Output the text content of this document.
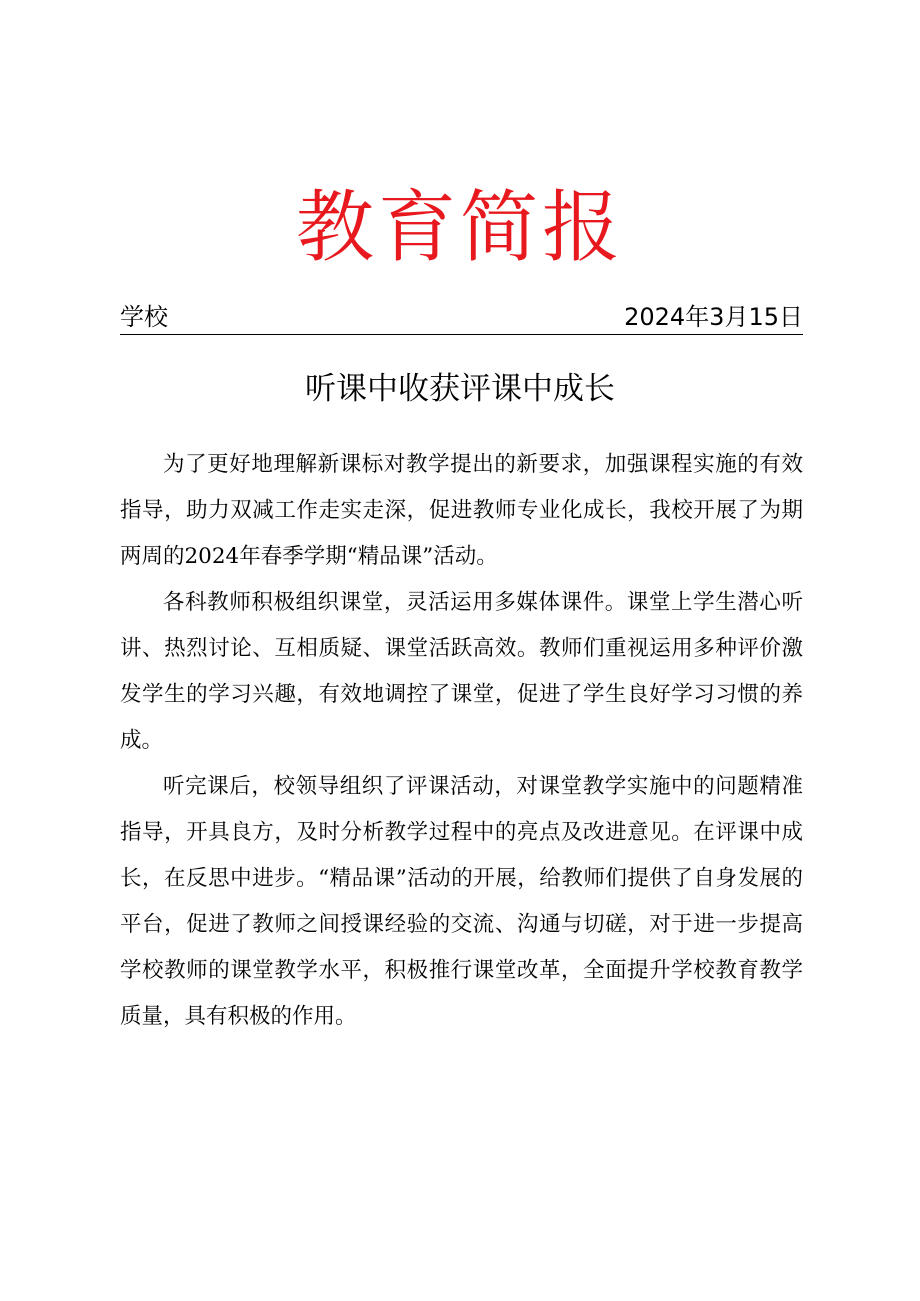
教育简报
学校	2024年3月15日
听课中收获评课中成长

为了更好地理解新课标对教学提出的新要求，加强课程实施的有效指导，助力双减工作走实走深，促进教师专业化成长，我校开展了为期两周的2024年春季学期“精品课”活动。

各科教师积极组织课堂，灵活运用多媒体课件。课堂上学生潜心听讲、热烈讨论、互相质疑、课堂活跃高效。教师们重视运用多种评价激发学生的学习兴趣，有效地调控了课堂，促进了学生良好学习习惯的养成。

听完课后，校领导组织了评课活动，对课堂教学实施中的问题精准指导，开具良方，及时分析教学过程中的亮点及改进意见。在评课中成长，在反思中进步。“精品课”活动的开展，给教师们提供了自身发展的平台，促进了教师之间授课经验的交流、沟通与切磋，对于进一步提高学校教师的课堂教学水平，积极推行课堂改革，全面提升学校教育教学质量，具有积极的作用。
